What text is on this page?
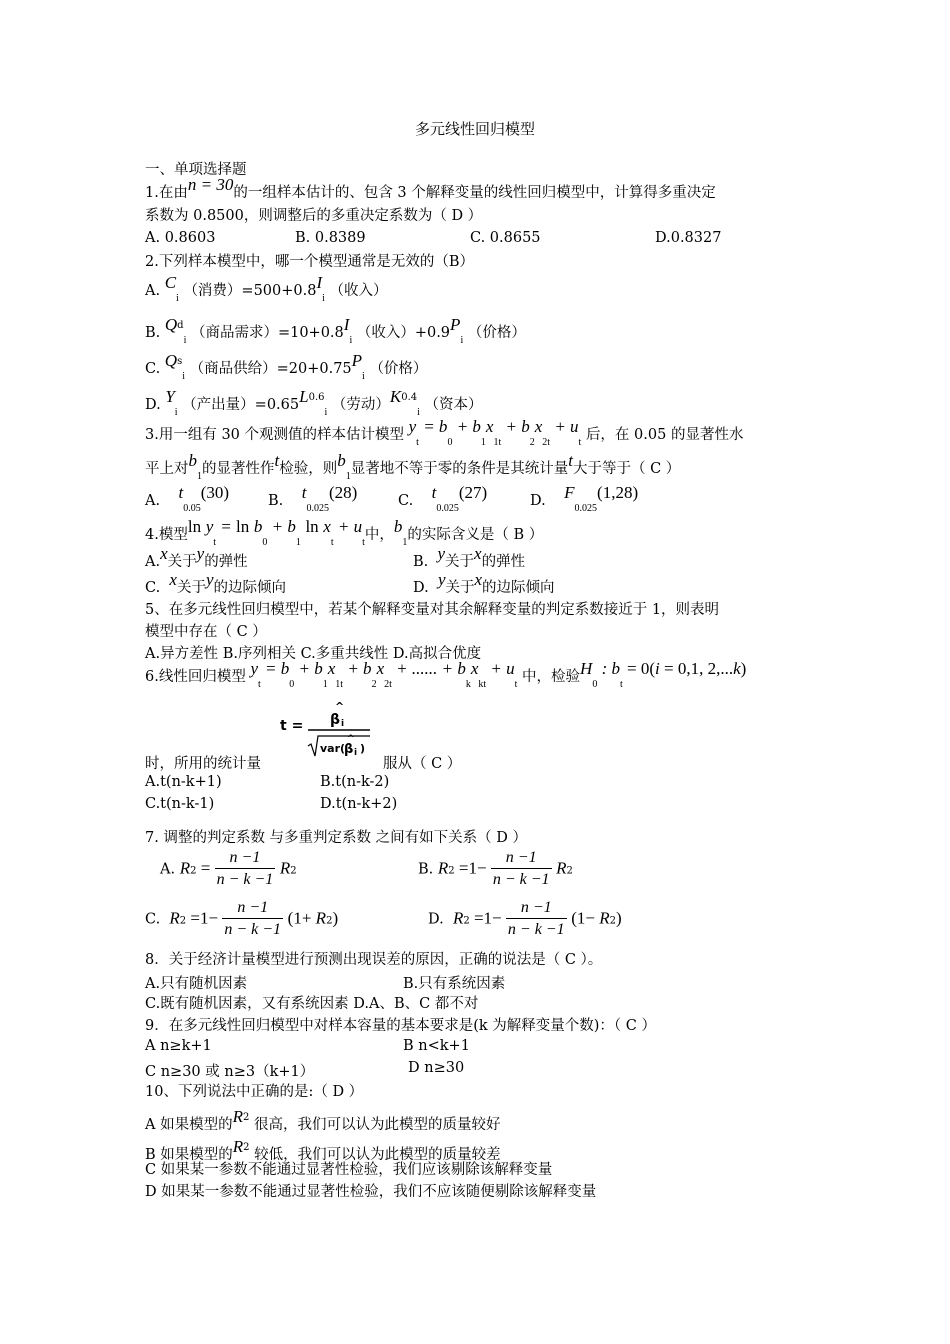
多元线性回归模型
一、单项选择题
1.在由n = 30的一组样本估计的、包含 3 个解释变量的线性回归模型中，计算得多重决定
系数为 0.8500，则调整后的多重决定系数为（ D ）
A. 0.8603	B. 0.8389	C. 0.8655	D.0.8327
2.下列样本模型中，哪一个模型通常是无效的（B）
A. $C_i$ （消费）$=500+0.8I_i$ （收入）
B. $Q^d_i$ （商品需求）$=10+0.8I_i$ （收入）$+0.9P_i$ （价格）
C. $Q^s_i$ （商品供给）$=20+0.75P_i$ （价格）
D. $Y_i$ （产出量）$=0.65L^{0.6}_i$ （劳动）$K^{0.4}_i$ （资本）
3.用一组有 30 个观测值的样本估计模型 $y_t = b_0 + b_1x_{1t} + b_2x_{2t} + u_t$ 后，在 0.05 的显著性水
平上对$b_1$的显著性作t检验，则$b_1$显著地不等于零的条件是其统计量t大于等于（ C ）
A. $t_{0.05}(30)$	B. $t_{0.025}(28)$	C. $t_{0.025}(27)$	D. $F_{0.025}(1,28)$
4.模型$\ln y_t = \ln b_0 + b_1$ $\ln x_t + u_t$中，$b_1$的实际含义是（ B ）
A.x关于y的弹性	B. y关于x的弹性
C. x关于y的边际倾向	D. y关于x的边际倾向
5、在多元线性回归模型中，若某个解释变量对其余解释变量的判定系数接近于 1，则表明
模型中存在（ C ）
A.异方差性 B.序列相关 C.多重共线性 D.高拟合优度
6.线性回归模型 $y_t = b_0 + b_1x_{1t} + b_2x_{2t}$ + ...... + $b_kx_{kt} + u_t$ 中，检验$H_0$ : $b_t = 0(i = 0,1$, 2,...k)
t =
^
β i
var(
^
β i )
时，所用的统计量	服从（ C ）
A.t(n-k+1)	B.t(n-k-2)
C.t(n-k-1)	D.t(n-k+2)
7. 调整的判定系数 与多重判定系数 之间有如下关系（ D ）
A. $R2 = \frac{n -1}{n - k -1} R2$	B. $R2 =1- \frac{n -1}{n - k -1} R2$
C. $R2 =1- \frac{n -1}{n - k -1} (1+ R2)$	D. $R2 =1- \frac{n -1}{n - k -1} (1- R2)$
8．关于经济计量模型进行预测出现误差的原因，正确的说法是（ C ）。
A.只有随机因素	B.只有系统因素
C.既有随机因素，又有系统因素 D.A、B、C 都不对
9．在多元线性回归模型中对样本容量的基本要求是(k 为解释变量个数)：（ C ）
A n≥k+1	B n<k+1
C n≥30 或 n≥3（k+1）	D n≥30
10、下列说法中正确的是:（ D ）
A 如果模型的$R^2$ 很高，我们可以认为此模型的质量较好
B 如果模型的$R^2$ 较低，我们可以认为此模型的质量较差
C 如果某一参数不能通过显著性检验，我们应该剔除该解释变量
D 如果某一参数不能通过显著性检验，我们不应该随便剔除该解释变量
